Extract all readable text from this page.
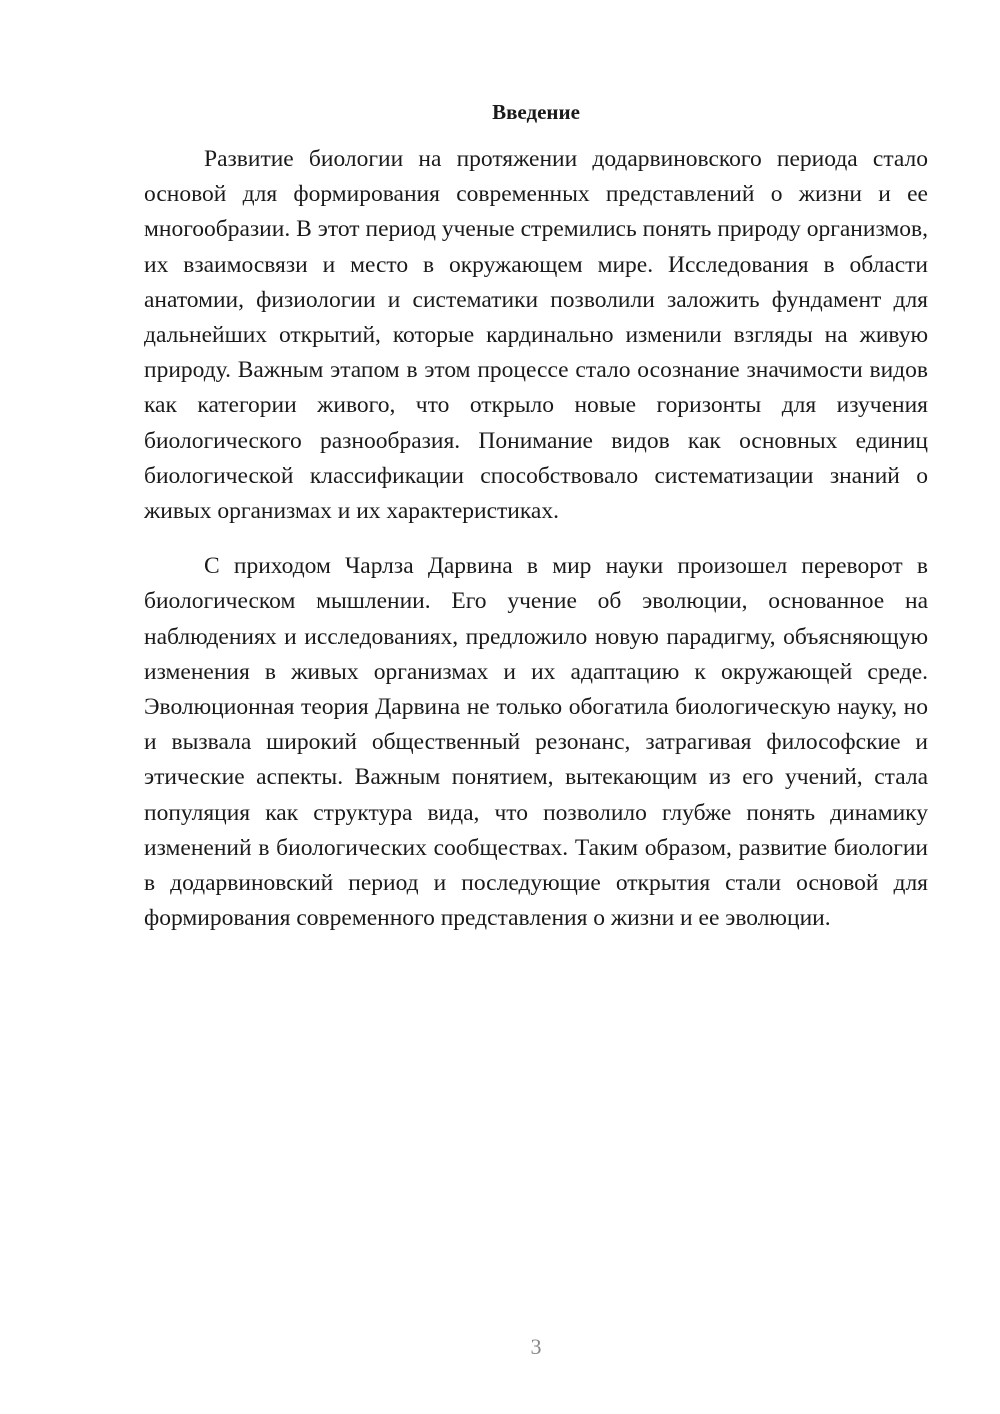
Введение

Развитие биологии на протяжении додарвиновского периода стало основой для формирования современных представлений о жизни и ее многообразии. В этот период ученые стремились понять природу организмов, их взаимосвязи и место в окружающем мире. Исследования в области анатомии, физиологии и систематики позволили заложить фундамент для дальнейших открытий, которые кардинально изменили взгляды на живую природу. Важным этапом в этом процессе стало осознание значимости видов как категории живого, что открыло новые горизонты для изучения биологического разнообразия. Понимание видов как основных единиц биологической классификации способствовало систематизации знаний о живых организмах и их характеристиках.

С приходом Чарлза Дарвина в мир науки произошел переворот в биологическом мышлении. Его учение об эволюции, основанное на наблюдениях и исследованиях, предложило новую парадигму, объясняющую изменения в живых организмах и их адаптацию к окружающей среде. Эволюционная теория Дарвина не только обогатила биологическую науку, но и вызвала широкий общественный резонанс, затрагивая философские и этические аспекты. Важным понятием, вытекающим из его учений, стала популяция как структура вида, что позволило глубже понять динамику изменений в биологических сообществах. Таким образом, развитие биологии в додарвиновский период и последующие открытия стали основой для формирования современного представления о жизни и ее эволюции.

3
